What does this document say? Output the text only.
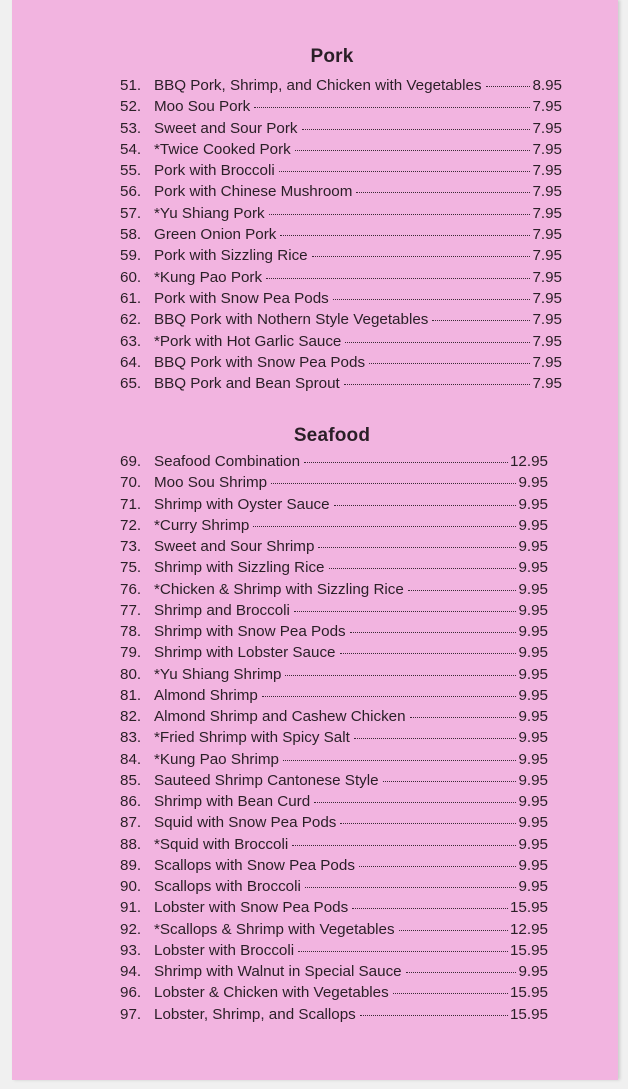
Pork
51. BBQ Pork, Shrimp, and Chicken with Vegetables	8.95
52. Moo Sou Pork	7.95
53. Sweet and Sour Pork	7.95
54. *Twice Cooked Pork	7.95
55. Pork with Broccoli	7.95
56. Pork with Chinese Mushroom	7.95
57. *Yu Shiang Pork	7.95
58. Green Onion Pork	7.95
59. Pork with Sizzling Rice	7.95
60. *Kung Pao Pork	7.95
61. Pork with Snow Pea Pods	7.95
62. BBQ Pork with Nothern Style Vegetables	7.95
63. *Pork with Hot Garlic Sauce	7.95
64. BBQ Pork with Snow Pea Pods	7.95
65. BBQ Pork and Bean Sprout	7.95
Seafood
69. Seafood Combination	12.95
70. Moo Sou Shrimp	9.95
71. Shrimp with Oyster Sauce	9.95
72. *Curry Shrimp	9.95
73. Sweet and Sour Shrimp	9.95
75. Shrimp with Sizzling Rice	9.95
76. *Chicken & Shrimp with Sizzling Rice	9.95
77. Shrimp and Broccoli	9.95
78. Shrimp with Snow Pea Pods	9.95
79. Shrimp with Lobster Sauce	9.95
80. *Yu Shiang Shrimp	9.95
81. Almond Shrimp	9.95
82. Almond Shrimp and Cashew Chicken	9.95
83. *Fried Shrimp with Spicy Salt	9.95
84. *Kung Pao Shrimp	9.95
85. Sauteed Shrimp Cantonese Style	9.95
86. Shrimp with Bean Curd	9.95
87. Squid with Snow Pea Pods	9.95
88. *Squid with Broccoli	9.95
89. Scallops with Snow Pea Pods	9.95
90. Scallops with Broccoli	9.95
91. Lobster with Snow Pea Pods	15.95
92. *Scallops & Shrimp with Vegetables	12.95
93. Lobster with Broccoli	15.95
94. Shrimp with Walnut in Special Sauce	9.95
96. Lobster & Chicken with Vegetables	15.95
97. Lobster, Shrimp, and Scallops	15.95
